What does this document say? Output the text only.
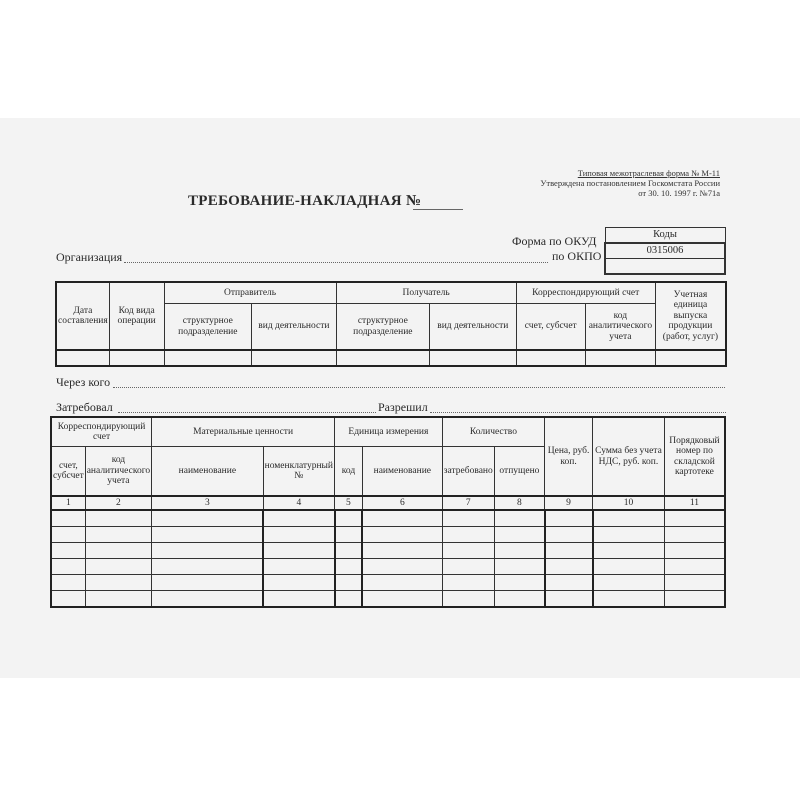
Типовая межотраслевая форма № М-11
Утверждена постановлением Госкомстата России
от 30. 10. 1997 г. №71а
ТРЕБОВАНИЕ-НАКЛАДНАЯ №
Коды
0315006

Форма по ОКУД
по ОКПО
Организация
Дата составления	Код вида операции	Отправитель		Получатель		Корреспондирующий счет		Учетная единица выпуска продукции (работ, услуг)
		структурное подразделение	вид деятельности	структурное подразделение	вид деятельности	счет, субсчет	код аналитического учета	

Через кого
Затребовал	Разрешил
Корреспондирующий счет		Материальные ценности		Единица измерения		Количество		Цена, руб. коп.	Сумма без учета НДС, руб. коп.	Порядковый номер по складской картотеке
счет, субсчет	код аналитического учета	наименование	номенклатурный №	код	наименование	затребовано	отпущено			
1	2	3	4	5	6	7	8	9	10	11
